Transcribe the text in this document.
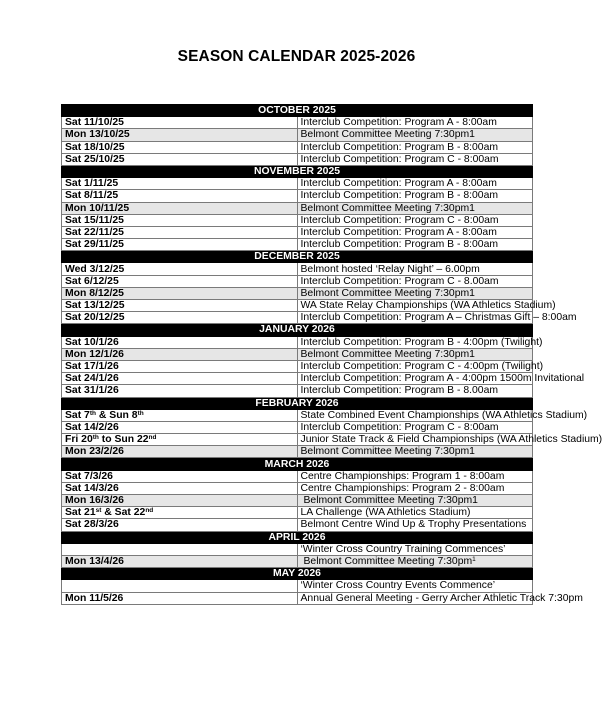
SEASON CALENDAR 2025-2026
OCTOBER 2025	
Sat 11/10/25	Interclub Competition: Program A - 8:00am
Mon 13/10/25	Belmont Committee Meeting 7:30pm1
Sat 18/10/25	Interclub Competition: Program B - 8:00am
Sat 25/10/25	Interclub Competition: Program C - 8:00am
NOVEMBER 2025	
Sat 1/11/25	Interclub Competition: Program A - 8:00am
Sat 8/11/25	Interclub Competition: Program B - 8:00am
Mon 10/11/25	Belmont Committee Meeting 7:30pm1
Sat 15/11/25	Interclub Competition: Program C - 8:00am
Sat 22/11/25	Interclub Competition: Program A - 8:00am
Sat 29/11/25	Interclub Competition: Program B - 8:00am
DECEMBER 2025	
Wed 3/12/25	Belmont hosted ‘Relay Night’ – 6.00pm
Sat 6/12/25	Interclub Competition: Program C - 8.00am
Mon 8/12/25	Belmont Committee Meeting 7:30pm1
Sat 13/12/25	WA State Relay Championships (WA Athletics Stadium)
Sat 20/12/25	Interclub Competition: Program A – Christmas Gift – 8:00am
JANUARY 2026	
Sat 10/1/26	Interclub Competition: Program B - 4:00pm (Twilight)
Mon 12/1/26	Belmont Committee Meeting 7:30pm1
Sat 17/1/26	Interclub Competition: Program C - 4:00pm (Twilight)
Sat 24/1/26	Interclub Competition: Program A - 4:00pm 1500m Invitational
Sat 31/1/26	Interclub Competition: Program B - 8.00am
FEBRUARY 2026	
Sat 7th & Sun 8th	State Combined Event Championships (WA Athletics Stadium)
Sat 14/2/26	Interclub Competition: Program C - 8:00am
Fri 20th to Sun 22nd	Junior State Track & Field Championships (WA Athletics Stadium)
Mon 23/2/26	Belmont Committee Meeting 7:30pm1
MARCH 2026	
Sat 7/3/26	Centre Championships: Program 1 - 8:00am
Sat 14/3/26	Centre Championships: Program 2 - 8:00am
Mon 16/3/26	Belmont Committee Meeting 7:30pm1
Sat 21st & Sat 22nd	LA Challenge (WA Athletics Stadium)
Sat 28/3/26	Belmont Centre Wind Up & Trophy Presentations
APRIL 2026	
	‘Winter Cross Country Training Commences’
Mon 13/4/26	Belmont Committee Meeting $7:30pm^1$
MAY 2026	
	‘Winter Cross Country Events Commence’
Mon 11/5/26	Annual General Meeting - Gerry Archer Athletic Track 7:30pm
